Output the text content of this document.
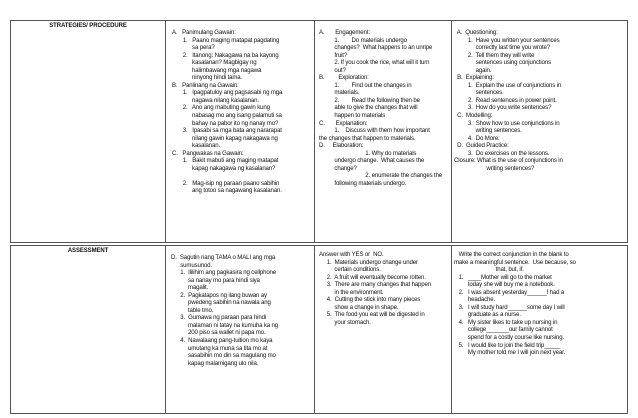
STRATEGIES/ PROCEDURE
A.   Panimulang Gawain:
1.   Paano maging matapat pagdating
sa pera?
2.   Itanong: Nakagawa na ba kayong
kasalanan? Magbigay ng
halimbawang mga nagawa
ninyong hindi tama.
B.   Panlinang na Gawain:
1.   Ipagpatuloy ang pagsasabi ng mga
nagawa nilang kasalanan.
2.   Ano ang mabuting gawin kung
nabasag mo ang isang palamuti sa
bahay na pabor ito ng nanay mo?
3.   Ipasabi sa mga bata ang nararapat
nilang gawin kapag nakagawa ng
kasalanan.
C.   Pangwakas na Gawain:
1.   Bakit mabuti ang maging matapat
kapag nakagawa ng kasalanan?
2.   Mag-isip ng paraan paano sabihin
ang totoo sa nagawang kasalanan.
A.       Engagement:
1.        Do materials undergo
changes?  What happens to an unripe
fruit?
2. If you cook the rice, what will it turn
out?
B.         Exploration:
1.        Find out the changes in
materials.
2.        Read the following then be
able to give the changes that will
happen to materials
C.       Explanation:
1.    Discuss with them how important
the changes that happen to materials.
D.     Elaboration:
1. Why do materials
undergo change.  What causes the
change?
2. enumerate the changes the
following materials undergo.
A.  Questioning:
1.  Have you written your sentences
correctly last time you wrote?
2.  Tell them they will write
sentences using conjunctions
again.
B.  Explaining:
1.  Explain the use of conjunctions in
sentences.
2.  Read sentences in power point.
3.  How do you write sentences?
C.  Modelling:
3.  Show how to use conjunctions in
writing sentences.
4.  Do More:
D.  Guided Practice:
3.  Do exercises on the lessons.
Closure: What is the use of conjunctions in
writing sentences?
ASSESSMENT
D.  Sagutin nang TAMA o MALI ang mga
sumusunod.
1.  Ililihim ang pagkasira ng cellphone
sa nanay mo para hindi siya
magalit.
2.  Pagkatapos ng ilang buwan ay
pwedeng sabihin na nawala ang
table tmo.
3.  Gumawa ng paraan para hindi
malaman ni tatay na kumuha ka ng
200 piso sa wallet ni papa mo.
4.  Nawalaang pang-tuition mo kaya
umutang ka muna sa tita mo at
sasabihin mo din sa magulang mo
kapag malamigang ulo nila.
Answer with YES or  NO.
1.  Materials undergo change under
certain conditions.
2.  A fruit will eventually become rotten.
3.  There are many changes that happen
in the environment.
4.  Cutting the stick into many pieces
show a change in shape.
5.  The food you eat will be digested in
your stomach.
Write the correct conjunction in the blank to
make a meaningful sentence.  Use because, so
that, but, if.
1.   ____Mother will go to the market
today she will buy me a notebook.
2.   I was absent yesterday______I had a
headache.
3.   I will study hard______some day I will
graduate as a nurse.
4.   My sister likes to take up nursing in
college_______our family cannot
spend for a costly course like nursing.
5.   I would like to join the field trip_____
My mother told me I will join next year.
